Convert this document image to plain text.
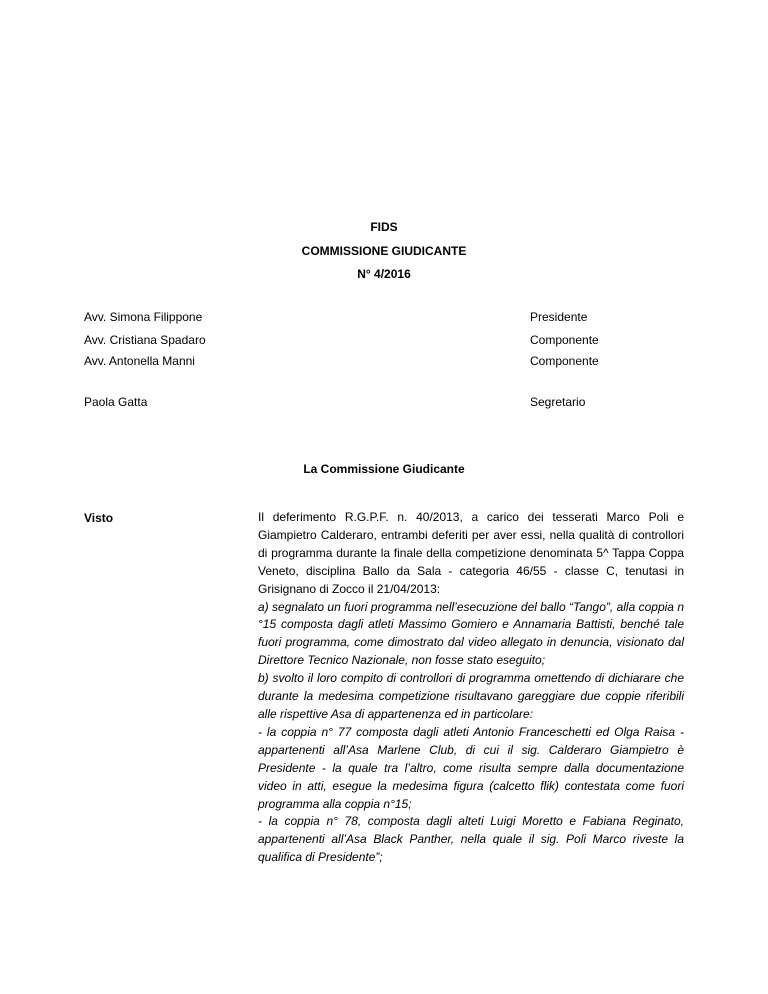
FIDS
COMMISSIONE GIUDICANTE
N° 4/2016
Avv. Simona Filippone	Presidente
Avv. Cristiana Spadaro	Componente
Avv. Antonella Manni	Componente
Paola Gatta	Segretario
La Commissione Giudicante
Visto	Il deferimento R.G.P.F. n. 40/2013, a carico dei tesserati Marco Poli e Giampietro Calderaro, entrambi deferiti per aver essi, nella qualità di controllori di programma durante la finale della competizione denominata 5^ Tappa Coppa Veneto, disciplina Ballo da Sala - categoria 46/55 - classe C, tenutasi in Grisignano di Zocco il 21/04/2013:

a) segnalato un fuori programma nell’esecuzione del ballo “Tango”, alla coppia n °15 composta dagli atleti Massimo Gomiero e Annamaria Battisti, benché tale fuori programma, come dimostrato dal video allegato in denuncia, visionato dal Direttore Tecnico Nazionale, non fosse stato eseguito;

b) svolto il loro compito di controllori di programma omettendo di dichiarare che durante la medesima competizione risultavano gareggiare due coppie riferibili alle rispettive Asa di appartenenza ed in particolare:

- la coppia n° 77 composta dagli atleti Antonio Franceschetti ed Olga Raisa - appartenenti all’Asa Marlene Club, di cui il sig. Calderaro Giampietro è Presidente - la quale tra l’altro, come risulta sempre dalla documentazione video in atti, esegue la medesima figura (calcetto flik) contestata come fuori programma alla coppia n°15;

- la coppia n° 78, composta dagli alteti Luigi Moretto e Fabiana Reginato, appartenenti all’Asa Black Panther, nella quale il sig. Poli Marco riveste la qualifica di Presidente”;
